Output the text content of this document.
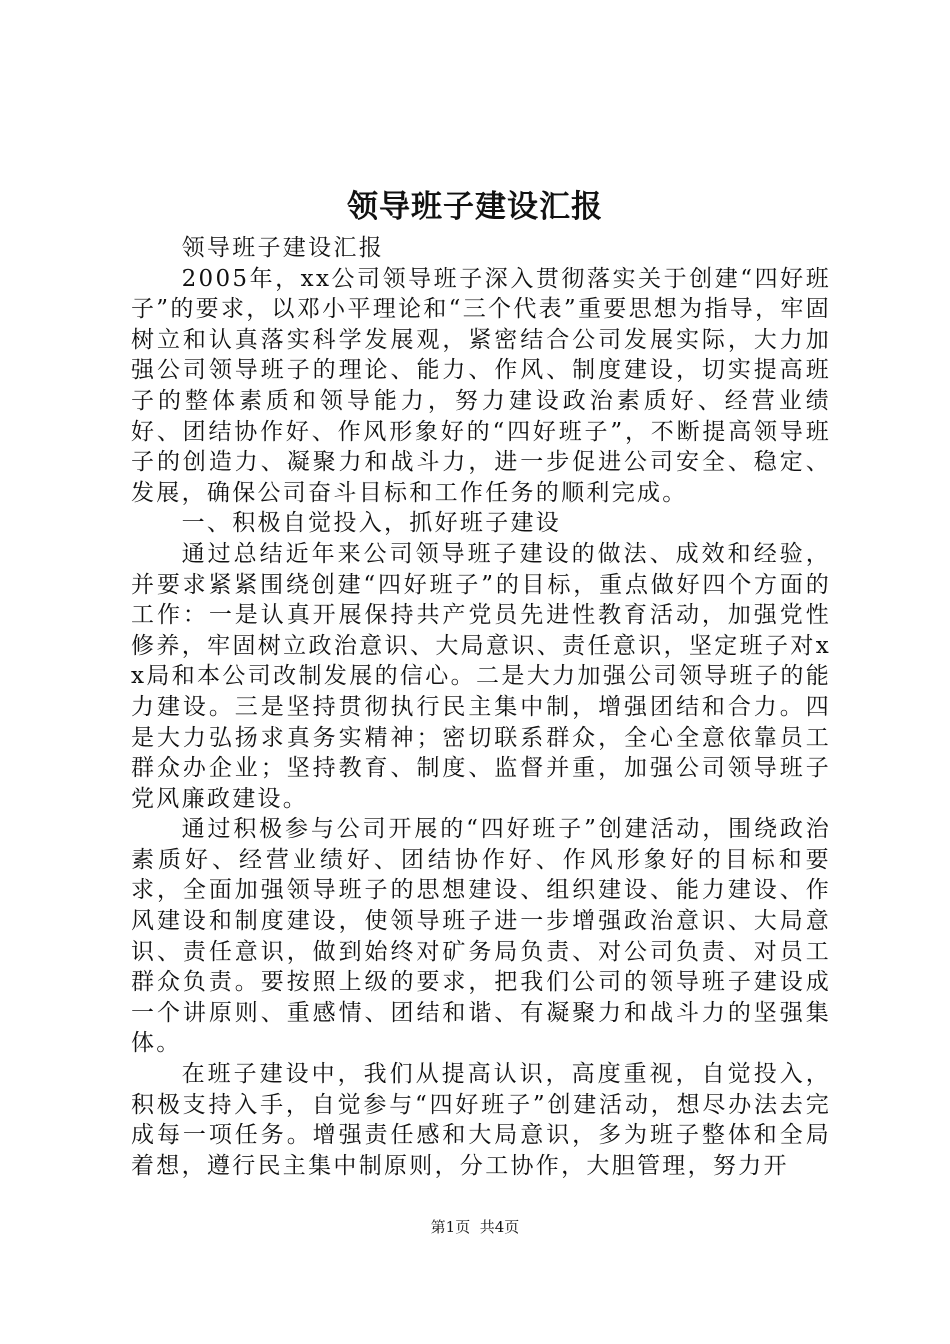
领导班子建设汇报

领导班子建设汇报

2005年，xx公司领导班子深入贯彻落实关于创建“四好班子”的要求，以邓小平理论和“三个代表”重要思想为指导，牢固树立和认真落实科学发展观，紧密结合公司发展实际，大力加强公司领导班子的理论、能力、作风、制度建设，切实提高班子的整体素质和领导能力，努力建设政治素质好、经营业绩好、团结协作好、作风形象好的“四好班子”，不断提高领导班子的创造力、凝聚力和战斗力，进一步促进公司安全、稳定、发展，确保公司奋斗目标和工作任务的顺利完成。

一、积极自觉投入，抓好班子建设

通过总结近年来公司领导班子建设的做法、成效和经验，并要求紧紧围绕创建“四好班子”的目标，重点做好四个方面的工作：一是认真开展保持共产党员先进性教育活动，加强党性修养，牢固树立政治意识、大局意识、责任意识，坚定班子对xx局和本公司改制发展的信心。二是大力加强公司领导班子的能力建设。三是坚持贯彻执行民主集中制，增强团结和合力。四是大力弘扬求真务实精神；密切联系群众，全心全意依靠员工群众办企业；坚持教育、制度、监督并重，加强公司领导班子党风廉政建设。

通过积极参与公司开展的“四好班子”创建活动，围绕政治素质好、经营业绩好、团结协作好、作风形象好的目标和要求，全面加强领导班子的思想建设、组织建设、能力建设、作风建设和制度建设，使领导班子进一步增强政治意识、大局意识、责任意识，做到始终对矿务局负责、对公司负责、对员工群众负责。要按照上级的要求，把我们公司的领导班子建设成一个讲原则、重感情、团结和谐、有凝聚力和战斗力的坚强集体。

在班子建设中，我们从提高认识，高度重视，自觉投入，积极支持入手，自觉参与“四好班子”创建活动，想尽办法去完成每一项任务。增强责任感和大局意识，多为班子整体和全局着想，遵行民主集中制原则，分工协作，大胆管理，努力开

第1页 共4页
